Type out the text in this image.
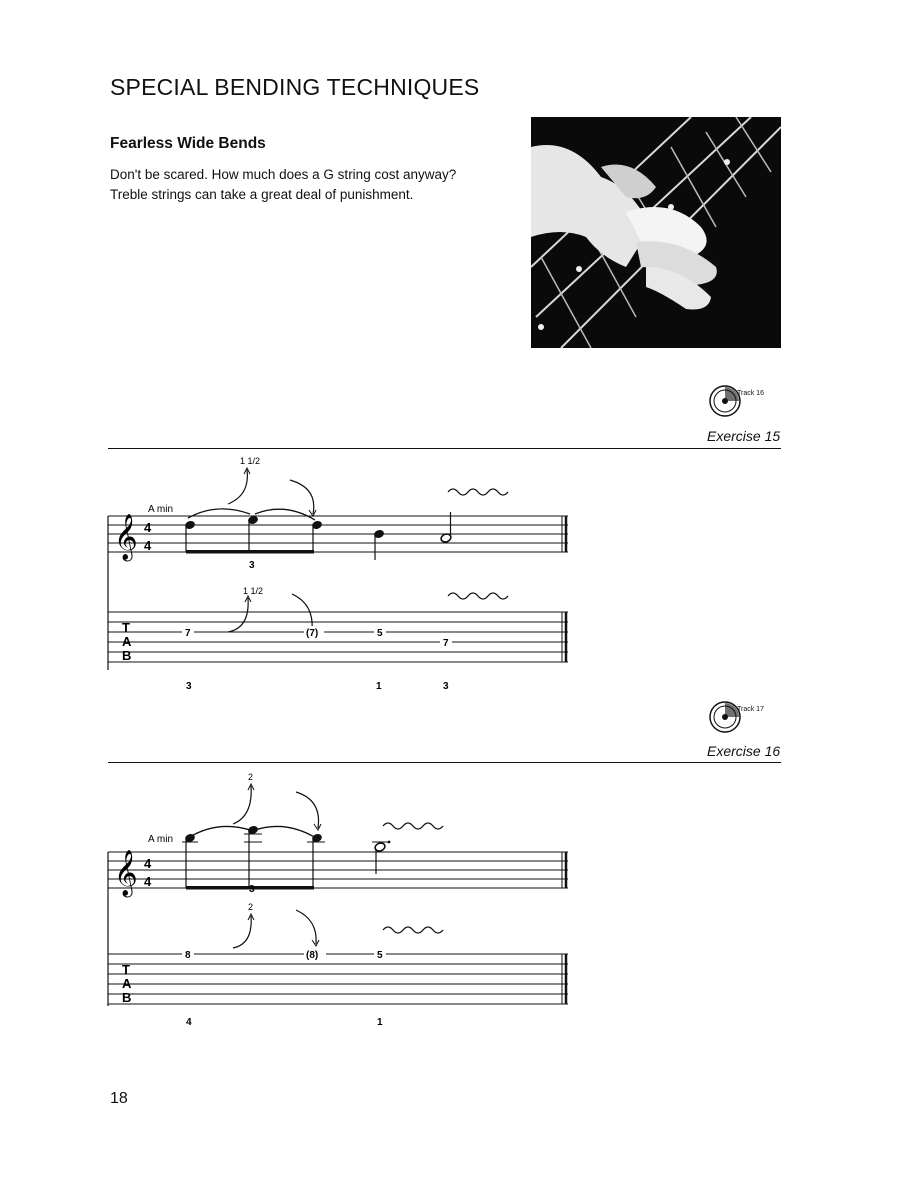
SPECIAL BENDING TECHNIQUES
Fearless Wide Bends
Don't be scared. How much does a G string cost anyway?
Treble strings can take a great deal of punishment.
Track 16
Exercise 15
1 1/2
A min
𝄞 4
4
3
1 1/2
T
A
B
7	(7)	5
7
3	1	3
Track 17
Exercise 16
2
A min
𝄞 4
4
3
2
T
A
B
8	(8)	5
4	1
18
